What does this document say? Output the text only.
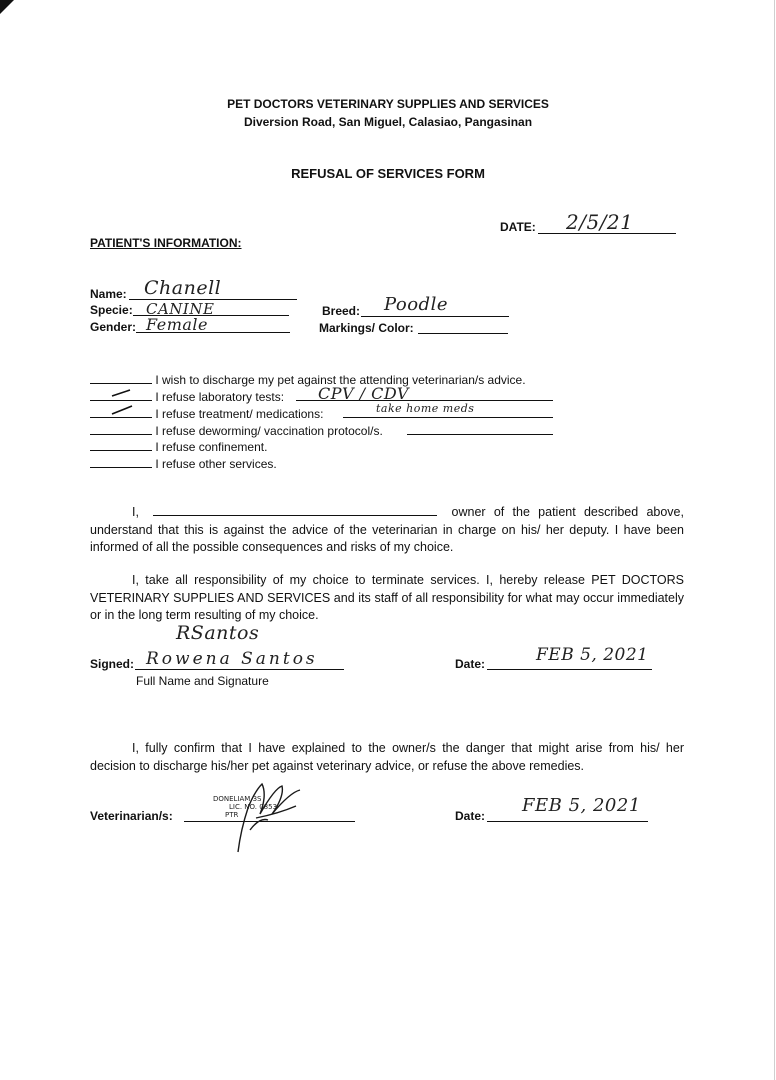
PET DOCTORS VETERINARY SUPPLIES AND SERVICES
Diversion Road, San Miguel, Calasiao, Pangasinan
REFUSAL OF SERVICES FORM
DATE: 2/5/21
PATIENT'S INFORMATION:
Name: Chanell
Specie: CANINE
Gender: Female
Breed: Poodle
Markings/ Color:
I wish to discharge my pet against the attending veterinarian/s advice.
I refuse laboratory tests: CPV / CDV
I refuse treatment/ medications:	take home meds
I refuse deworming/ vaccination protocol/s.
I refuse confinement.
I refuse other services.
I,	owner of the patient described above, understand that this is against the advice of the veterinarian in charge on his/ her deputy. I have been informed of all the possible consequences and risks of my choice.
I, take all responsibility of my choice to terminate services. I, hereby release PET DOCTORS VETERINARY SUPPLIES AND SERVICES and its staff of all responsibility for what may occur immediately or in the long term resulting of my choice.
RSantos
Signed: Rowena Santos
Full Name and Signature
Date:	FEB 5, 2021
I, fully confirm that I have explained to the owner/s the danger that might arise from his/ her decision to discharge his/her pet against veterinary advice, or refuse the above remedies.
Veterinarian/s:
DONELIAM 3S
LIC. NO. 0853
PTR	Date: FEB 5, 2021
